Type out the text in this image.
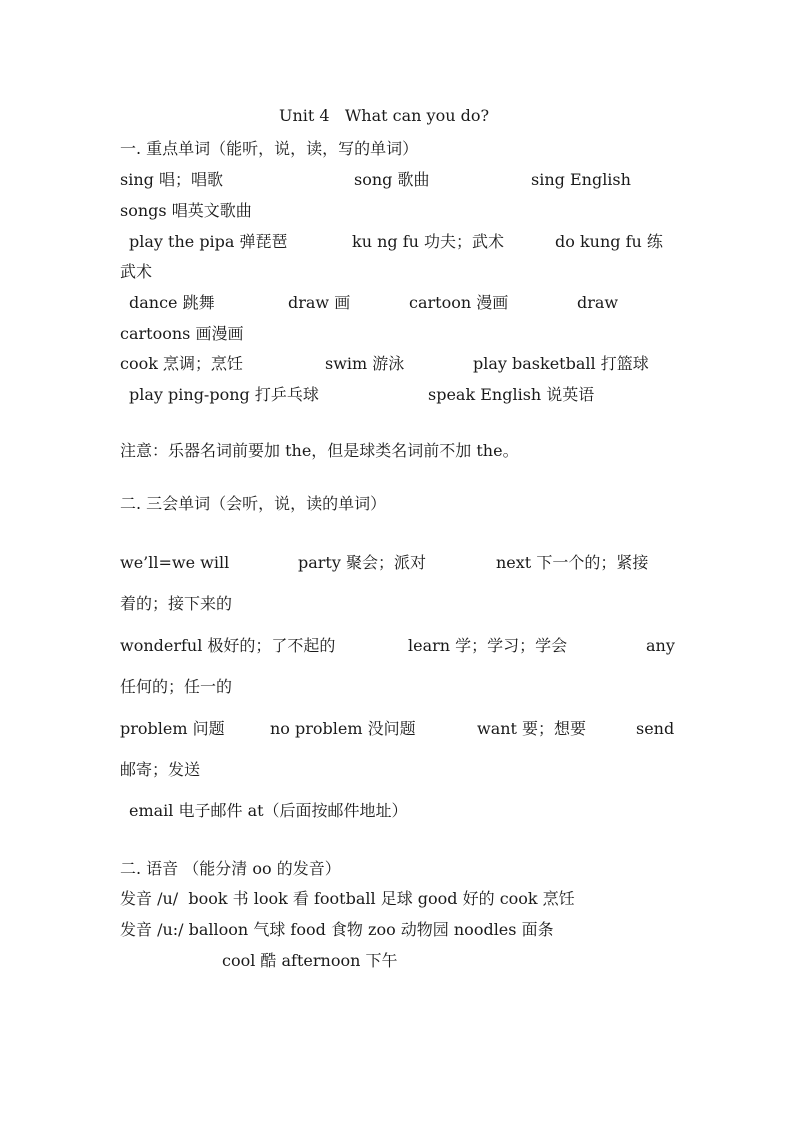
Unit 4   What can you do?
一. 重点单词（能听，说，读，写的单词）
sing 唱；唱歌	song 歌曲	sing English
songs 唱英文歌曲
play the pipa 弹琵琶	ku ng fu 功夫；武术	do kung fu 练
武术
dance 跳舞	draw 画	cartoon 漫画	draw
cartoons 画漫画
cook 烹调；烹饪	swim 游泳	play basketball 打篮球
play ping-pong 打乒乓球	speak English 说英语
注意：乐器名词前要加 the，但是球类名词前不加 the。
二. 三会单词（会听，说，读的单词）
we’ll=we will	party 聚会；派对	next 下一个的；紧接
着的；接下来的
wonderful 极好的；了不起的	learn 学；学习；学会	any
任何的；任一的
problem 问题	no problem 没问题	want 要；想要	send
邮寄；发送
email 电子邮件 at（后面按邮件地址）
二. 语音 （能分清 oo 的发音）
发音 /u/  book 书 look 看 football 足球 good 好的 cook 烹饪
发音 /u:/ balloon 气球 food 食物 zoo 动物园 noodles 面条
cool 酷 afternoon 下午
